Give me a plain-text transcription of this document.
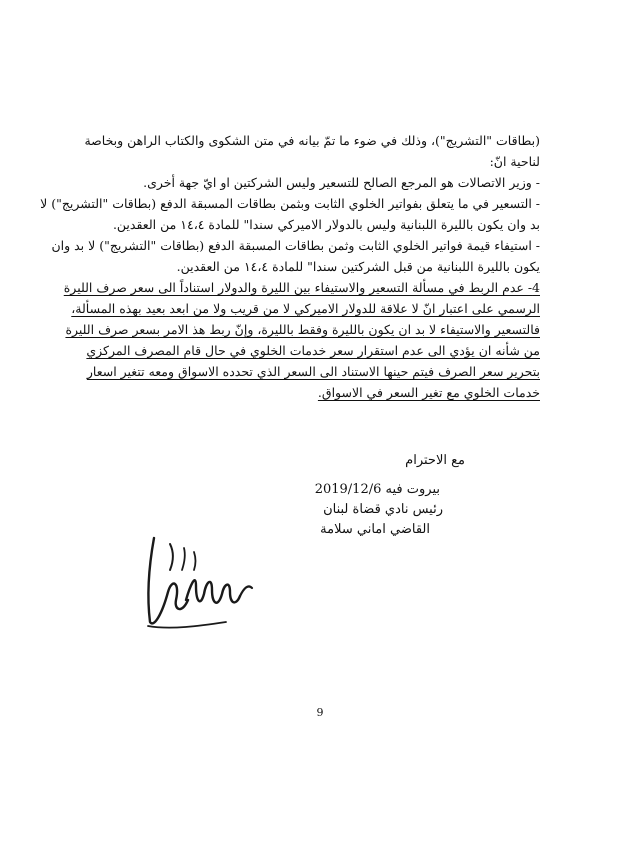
(بطاقات "التشريج")، وذلك في ضوء ما تمّ بيانه في متن الشكوى والكتاب الراهن وبخاصة

لناحية انّ:

- وزير الاتصالات هو المرجع الصالح للتسعير وليس الشركتين او ايّ جهة أخرى.

- التسعير في ما يتعلق بفواتير الخلوي الثابت وبثمن بطاقات المسبقة الدفع (بطاقات "التشريج") لا

بد وان يكون بالليرة اللبنانية وليس بالدولار الاميركي سندا" للمادة ١٤،٤ من العقدين.

- استيفاء قيمة فواتير الخلوي الثابت وثمن بطاقات المسبقة الدفع (بطاقات "التشريج") لا بد وان

يكون بالليرة اللبنانية من قبل الشركتين سندا" للمادة ١٤،٤ من العقدين.

4- عدم الربط في مسألة التسعير والاستيفاء بين الليرة والدولار استناداً الى سعر صرف الليرة

الرسمي على اعتبار انّ لا علاقة للدولار الاميركي لا من قريب ولا من ابعد بعيد بهذه المسألة،

فالتسعير والاستيفاء لا بد ان يكون بالليرة وفقط بالليرة، وإنّ ربط هذ الامر بسعر صرف الليرة

من شأنه ان يؤدي الى عدم استقرار سعر خدمات الخلوي في حال قام المصرف المركزي

بتحرير سعر الصرف فيتم حينها الاستناد الى السعر الذي تحدده الاسواق ومعه تتغير اسعار

خدمات الخلوي مع تغير السعر في الاسواق.

مع الاحترام

بيروت فيه 2019/12/6

رئيس نادي قضاة لبنان

القاضي اماني سلامة

9
